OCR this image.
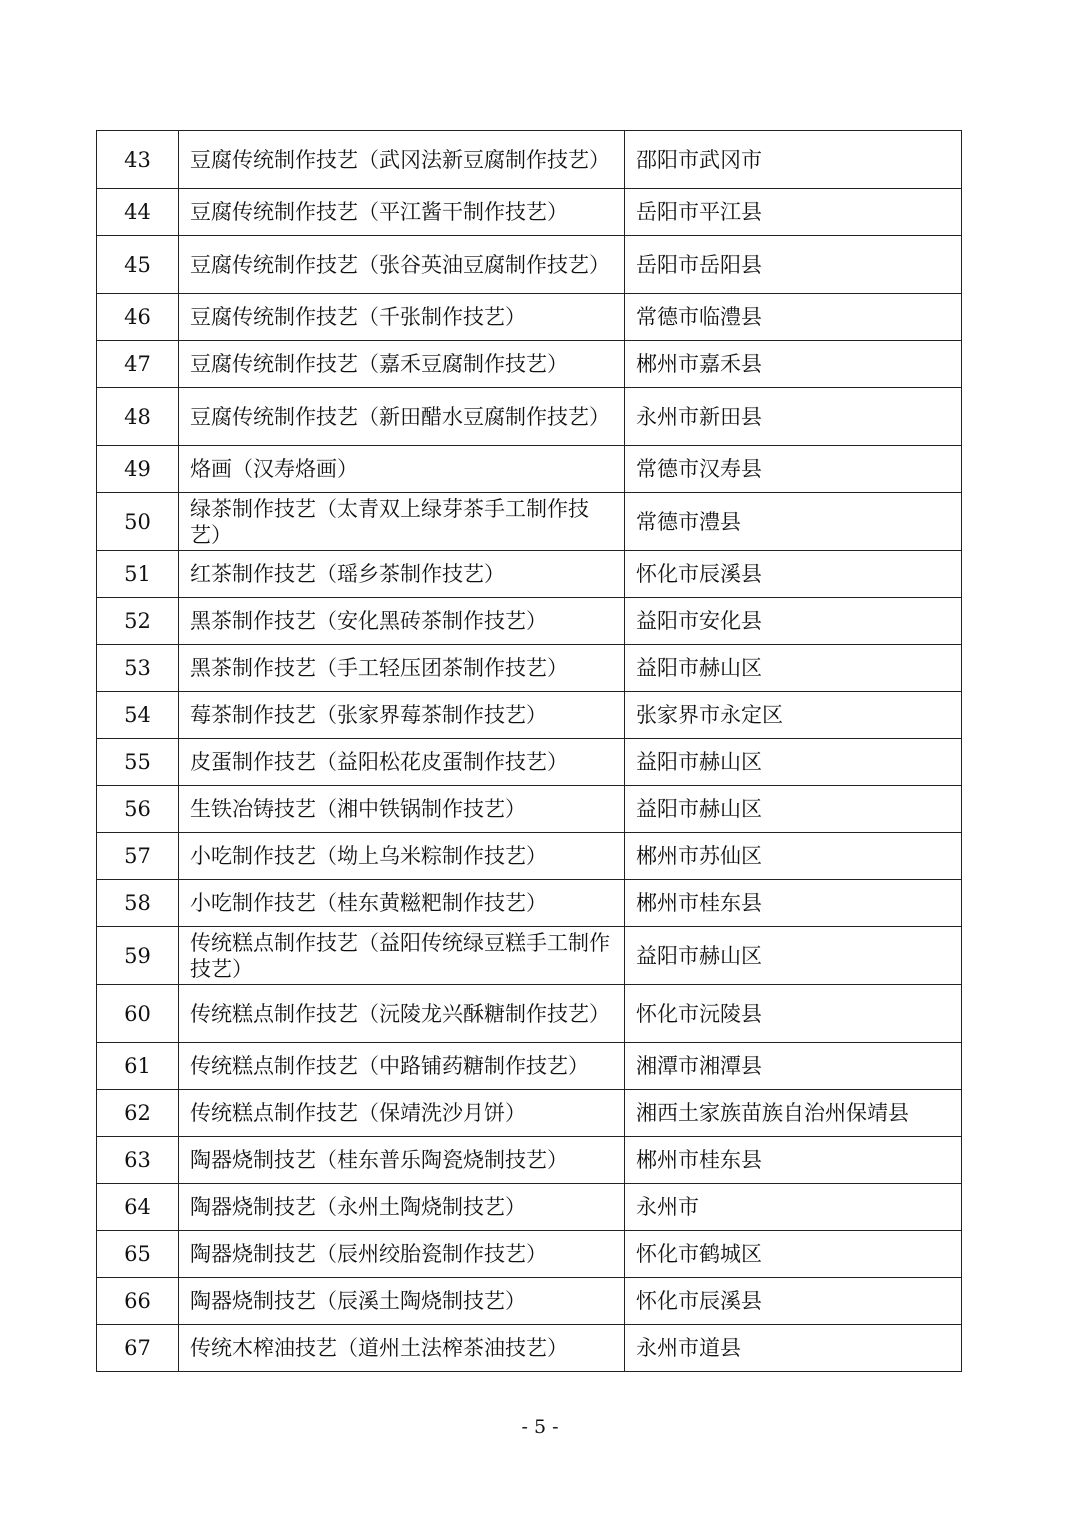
43	豆腐传统制作技艺（武冈法新豆腐制作技艺）	邵阳市武冈市
44	豆腐传统制作技艺（平江酱干制作技艺）	岳阳市平江县
45	豆腐传统制作技艺（张谷英油豆腐制作技艺）	岳阳市岳阳县
46	豆腐传统制作技艺（千张制作技艺）	常德市临澧县
47	豆腐传统制作技艺（嘉禾豆腐制作技艺）	郴州市嘉禾县
48	豆腐传统制作技艺（新田醋水豆腐制作技艺）	永州市新田县
49	烙画（汉寿烙画）	常德市汉寿县
50	绿茶制作技艺（太青双上绿芽茶手工制作技艺）	常德市澧县
51	红茶制作技艺（瑶乡茶制作技艺）	怀化市辰溪县
52	黑茶制作技艺（安化黑砖茶制作技艺）	益阳市安化县
53	黑茶制作技艺（手工轻压团茶制作技艺）	益阳市赫山区
54	莓茶制作技艺（张家界莓茶制作技艺）	张家界市永定区
55	皮蛋制作技艺（益阳松花皮蛋制作技艺）	益阳市赫山区
56	生铁冶铸技艺（湘中铁锅制作技艺）	益阳市赫山区
57	小吃制作技艺（坳上乌米粽制作技艺）	郴州市苏仙区
58	小吃制作技艺（桂东黄糍粑制作技艺）	郴州市桂东县
59	传统糕点制作技艺（益阳传统绿豆糕手工制作技艺）	益阳市赫山区
60	传统糕点制作技艺（沅陵龙兴酥糖制作技艺）	怀化市沅陵县
61	传统糕点制作技艺（中路铺药糖制作技艺）	湘潭市湘潭县
62	传统糕点制作技艺（保靖洗沙月饼）	湘西土家族苗族自治州保靖县
63	陶器烧制技艺（桂东普乐陶瓷烧制技艺）	郴州市桂东县
64	陶器烧制技艺（永州土陶烧制技艺）	永州市
65	陶器烧制技艺（辰州绞胎瓷制作技艺）	怀化市鹤城区
66	陶器烧制技艺（辰溪土陶烧制技艺）	怀化市辰溪县
67	传统木榨油技艺（道州土法榨茶油技艺）	永州市道县
- 5 -
